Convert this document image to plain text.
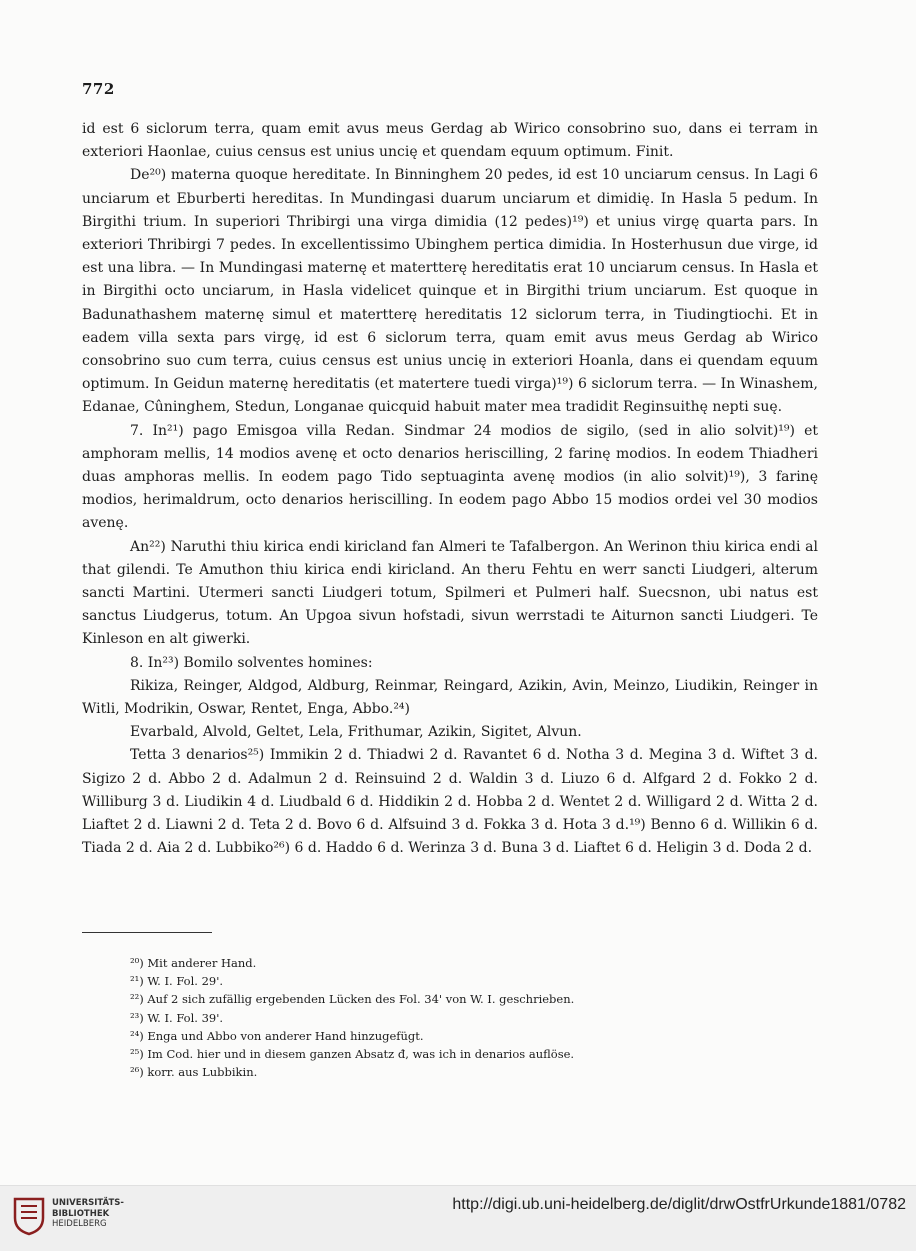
772

id est 6 siclorum terra, quam emit avus meus Gerdag ab Wirico consobrino suo, dans ei terram in exteriori Haonlae, cuius census est unius uncię et quendam equum optimum. Finit.

De²⁰) materna quoque hereditate. In Binninghem 20 pedes, id est 10 unciarum census. In Lagi 6 unciarum et Eburberti hereditas. In Mundingasi duarum unciarum et dimidię. In Hasla 5 pedum. In Birgithi trium. In superiori Thribirgi una virga dimidia (12 pedes)¹⁹) et unius virgę quarta pars. In exteriori Thribirgi 7 pedes. In excellentissimo Ubinghem pertica dimidia. In Hosterhusun due virge, id est una libra. — In Mundingasi maternę et matertterę hereditatis erat 10 unciarum census. In Hasla et in Birgithi octo unciarum, in Hasla videlicet quinque et in Birgithi trium unciarum. Est quoque in Badunathashem maternę simul et matertterę hereditatis 12 siclorum terra, in Tiudingtiochi. Et in eadem villa sexta pars virgę, id est 6 siclorum terra, quam emit avus meus Gerdag ab Wirico consobrino suo cum terra, cuius census est unius uncię in exteriori Hoanla, dans ei quendam equum optimum. In Geidun maternę hereditatis (et matertere tuedi virga)¹⁹) 6 siclorum terra. — In Winashem, Edanae, Cûninghem, Stedun, Longanae quicquid habuit mater mea tradidit Reginsuithę nepti suę.

7. In²¹) pago Emisgoa villa Redan. Sindmar 24 modios de sigilo, (sed in alio solvit)¹⁹) et amphoram mellis, 14 modios avenę et octo denarios heriscilling, 2 farinę modios. In eodem Thiadheri duas amphoras mellis. In eodem pago Tido septuaginta avenę modios (in alio solvit)¹⁹), 3 farinę modios, herimaldrum, octo denarios heriscilling. In eodem pago Abbo 15 modios ordei vel 30 modios avenę.

An²²) Naruthi thiu kirica endi kiricland fan Almeri te Tafalbergon. An Werinon thiu kirica endi al that gilendi. Te Amuthon thiu kirica endi kiricland. An theru Fehtu en werr sancti Liudgeri, alterum sancti Martini. Utermeri sancti Liudgeri totum, Spilmeri et Pulmeri half. Suecsnon, ubi natus est sanctus Liudgerus, totum. An Upgoa sivun hofstadi, sivun werrstadi te Aiturnon sancti Liudgeri. Te Kinleson en alt giwerki.

8. In²³) Bomilo solventes homines:

Rikiza, Reinger, Aldgod, Aldburg, Reinmar, Reingard, Azikin, Avin, Meinzo, Liudikin, Reinger in Witli, Modrikin, Oswar, Rentet, Enga, Abbo.²⁴)

Evarbald, Alvold, Geltet, Lela, Frithumar, Azikin, Sigitet, Alvun.

Tetta 3 denarios²⁵) Immikin 2 d. Thiadwi 2 d. Ravantet 6 d. Notha 3 d. Megina 3 d. Wiftet 3 d. Sigizo 2 d. Abbo 2 d. Adalmun 2 d. Reinsuind 2 d. Waldin 3 d. Liuzo 6 d. Alfgard 2 d. Fokko 2 d. Williburg 3 d. Liudikin 4 d. Liudbald 6 d. Hiddikin 2 d. Hobba 2 d. Wentet 2 d. Willigard 2 d. Witta 2 d. Liaftet 2 d. Liawni 2 d. Teta 2 d. Bovo 6 d. Alfsuind 3 d. Fokka 3 d. Hota 3 d.¹⁹) Benno 6 d. Willikin 6 d. Tiada 2 d. Aia 2 d. Lubbiko²⁶) 6 d. Haddo 6 d. Werinza 3 d. Buna 3 d. Liaftet 6 d. Heligin 3 d. Doda 2 d.

²⁰) Mit anderer Hand.
²¹) W. I. Fol. 29'.
²²) Auf 2 sich zufällig ergebenden Lücken des Fol. 34' von W. I. geschrieben.
²³) W. I. Fol. 39'.
²⁴) Enga und Abbo von anderer Hand hinzugefügt.
²⁵) Im Cod. hier und in diesem ganzen Absatz đ, was ich in denarios auflöse.
²⁶) korr. aus Lubbikin.
UNIVERSITÄTS-
BIBLIOTHEK
HEIDELBERG
http://digi.ub.uni-heidelberg.de/diglit/drwOstfrUrkunde1881/0782
